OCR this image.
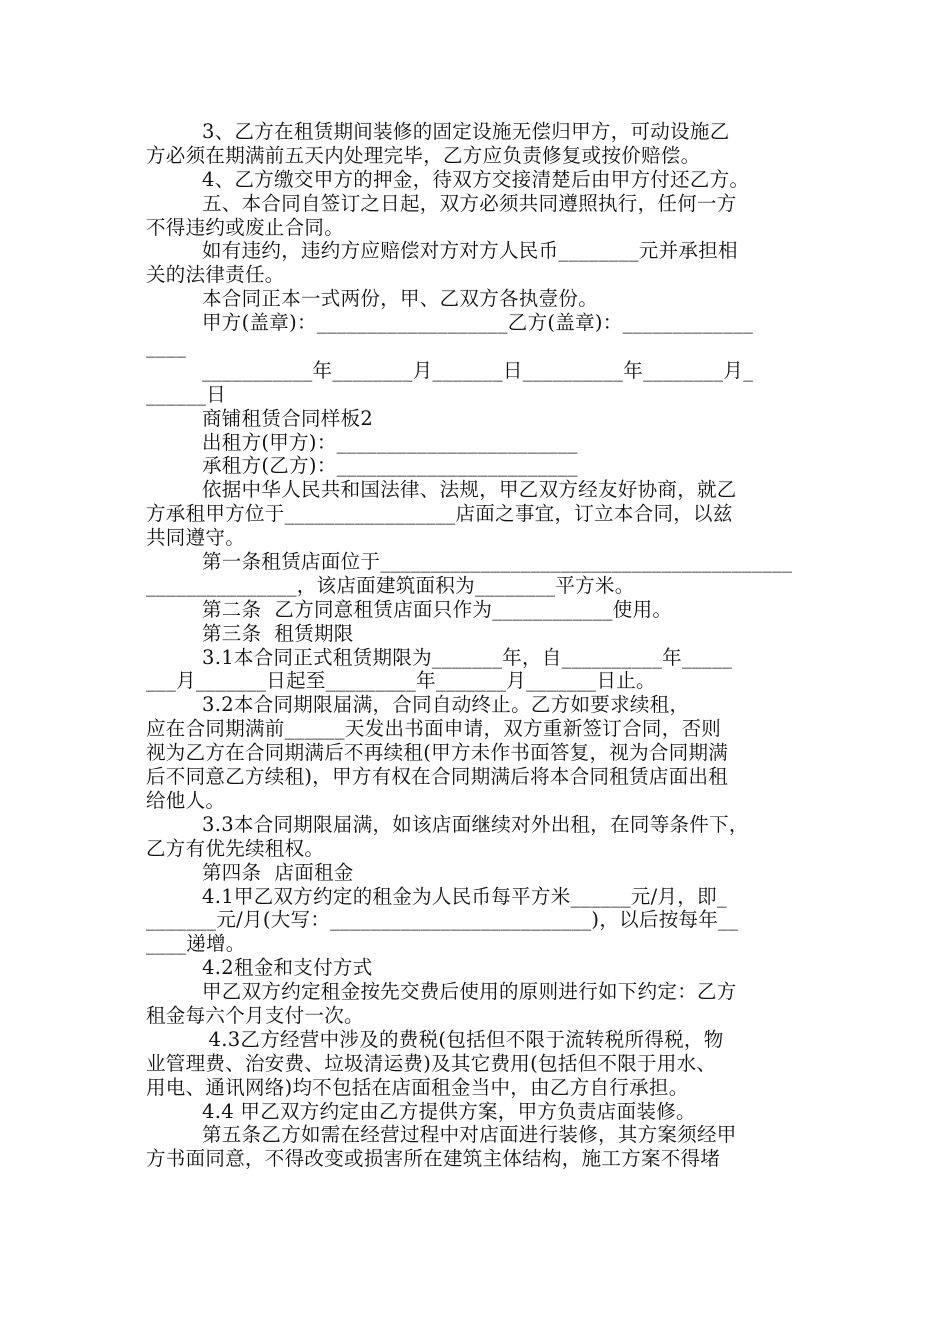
3、乙方在租赁期间装修的固定设施无偿归甲方，可动设施乙
方必须在期满前五天内处理完毕，乙方应负责修复或按价赔偿。
4、乙方缴交甲方的押金，待双方交接清楚后由甲方付还乙方。
五、本合同自签订之日起，双方必须共同遵照执行，任何一方
不得违约或废止合同。
如有违约，违约方应赔偿对方对方人民币________元并承担相
关的法律责任。
本合同正本一式两份，甲、乙双方各执壹份。
甲方(盖章)：___________________乙方(盖章)：_____________
____
___________年________月_______日__________年________月_
______日
商铺租赁合同样板2
出租方(甲方)：________________________
承租方(乙方)：________________________
依据中华人民共和国法律、法规，甲乙双方经友好协商，就乙
方承租甲方位于_________________店面之事宜，订立本合同，以兹
共同遵守。
第一条租赁店面位于_________________________________________
_______________，该店面建筑面积为________平方米。
第二条  乙方同意租赁店面只作为____________使用。
第三条  租赁期限
3.1本合同正式租赁期限为_______年，自__________年_____
___月_______日起至_________年_______月_______日止。
3.2本合同期限届满，合同自动终止。乙方如要求续租，
应在合同期满前______天发出书面申请，双方重新签订合同，否则
视为乙方在合同期满后不再续租(甲方未作书面答复，视为合同期满
后不同意乙方续租)，甲方有权在合同期满后将本合同租赁店面出租
给他人。
3.3本合同期限届满，如该店面继续对外出租，在同等条件下，
乙方有优先续租权。
第四条  店面租金
4.1甲乙双方约定的租金为人民币每平方米______元/月，即_
_______元/月(大写：__________________________)，以后按每年__
____递增。
4.2租金和支付方式
甲乙双方约定租金按先交费后使用的原则进行如下约定：乙方
租金每六个月支付一次。
4.3乙方经营中涉及的费税(包括但不限于流转税所得税，物
业管理费、治安费、垃圾清运费)及其它费用(包括但不限于用水、
用电、通讯网络)均不包括在店面租金当中，由乙方自行承担。
4.4 甲乙双方约定由乙方提供方案，甲方负责店面装修。
第五条乙方如需在经营过程中对店面进行装修，其方案须经甲
方书面同意，不得改变或损害所在建筑主体结构，施工方案不得堵
